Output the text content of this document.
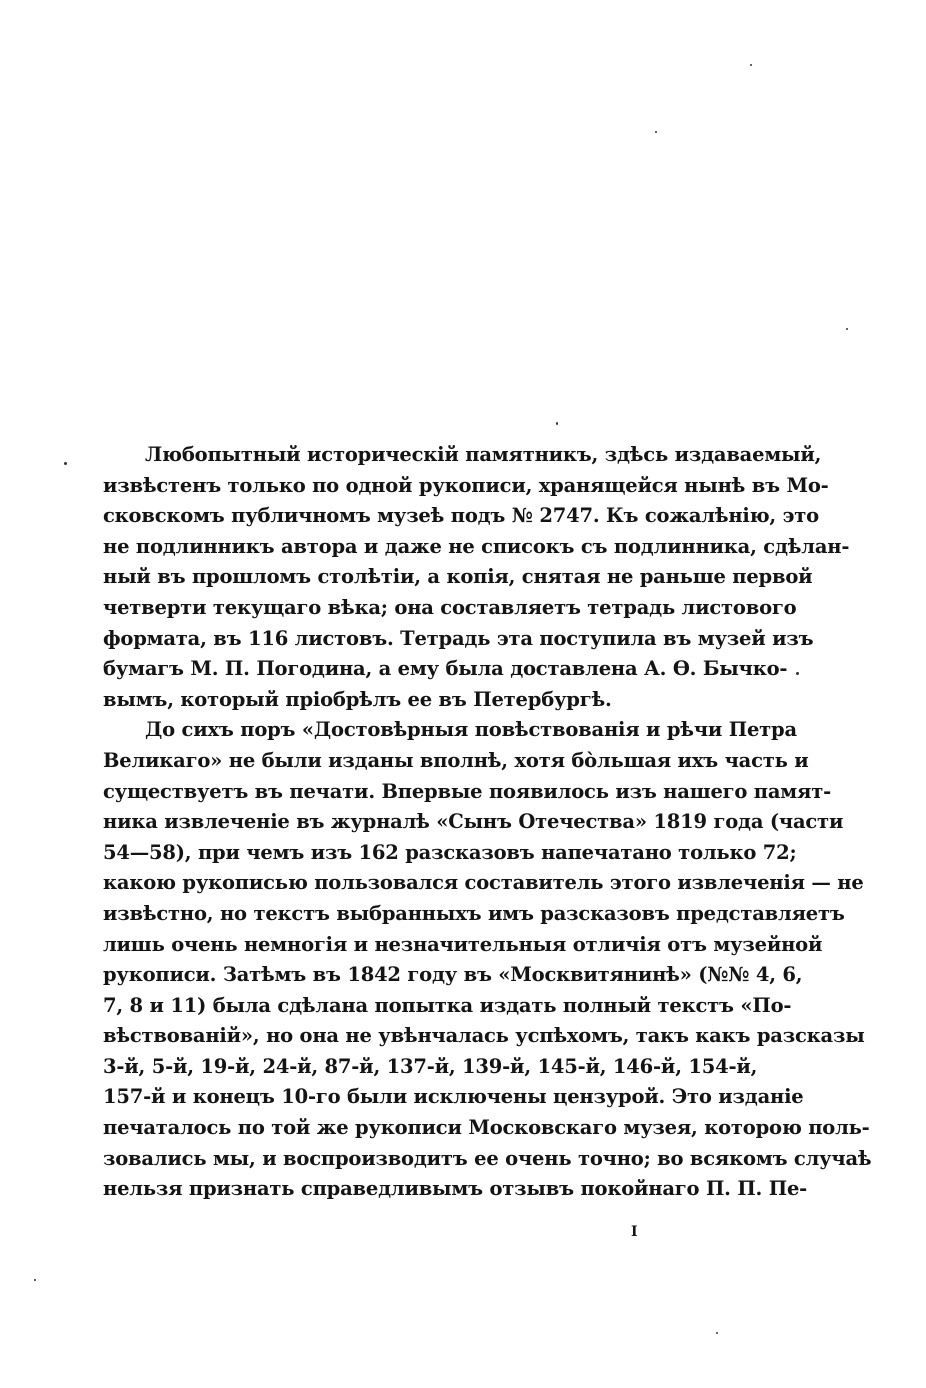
Любопытный историческій памятникъ, здѣсь издаваемый,
извѣстенъ только по одной рукописи, хранящейся нынѣ въ Мо-
сковскомъ публичномъ музеѣ подъ № 2747. Къ сожалѣнію, это
не подлинникъ автора и даже не списокъ съ подлинника, сдѣлан-
ный въ прошломъ столѣтіи, а копія, снятая не раньше первой
четверти текущаго вѣка; она составляетъ тетрадь листового
формата, въ 116 листовъ. Тетрадь эта поступила въ музей изъ
бумагъ М. П. Погодина, а ему была доставлена А. Ѳ. Бычко-
вымъ, который пріобрѣлъ ее въ Петербургѣ.
До сихъ поръ «Достовѣрныя повѣствованія и рѣчи Петра
Великаго» не были изданы вполнѣ, хотя бо̀льшая ихъ часть и
существуетъ въ печати. Впервые появилось изъ нашего памят-
ника извлеченіе въ журналѣ «Сынъ Отечества» 1819 года (части
54—58), при чемъ изъ 162 разсказовъ напечатано только 72;
какою рукописью пользовался составитель этого извлеченія — не
извѣстно, но текстъ выбранныхъ имъ разсказовъ представляетъ
лишь очень немногія и незначительныя отличія отъ музейной
рукописи. Затѣмъ въ 1842 году въ «Москвитянинѣ» (№№ 4, 6,
7, 8 и 11) была сдѣлана попытка издать полный текстъ «По-
вѣствованій», но она не увѣнчалась успѣхомъ, такъ какъ разсказы
3-й, 5-й, 19-й, 24-й, 87-й, 137-й, 139-й, 145-й, 146-й, 154-й,
157-й и конецъ 10-го были исключены цензурой. Это изданіе
печаталось по той же рукописи Московскаго музея, которою поль-
зовались мы, и воспроизводитъ ее очень точно; во всякомъ случаѣ
нельзя признать справедливымъ отзывъ покойнаго П. П. Пе-
I
